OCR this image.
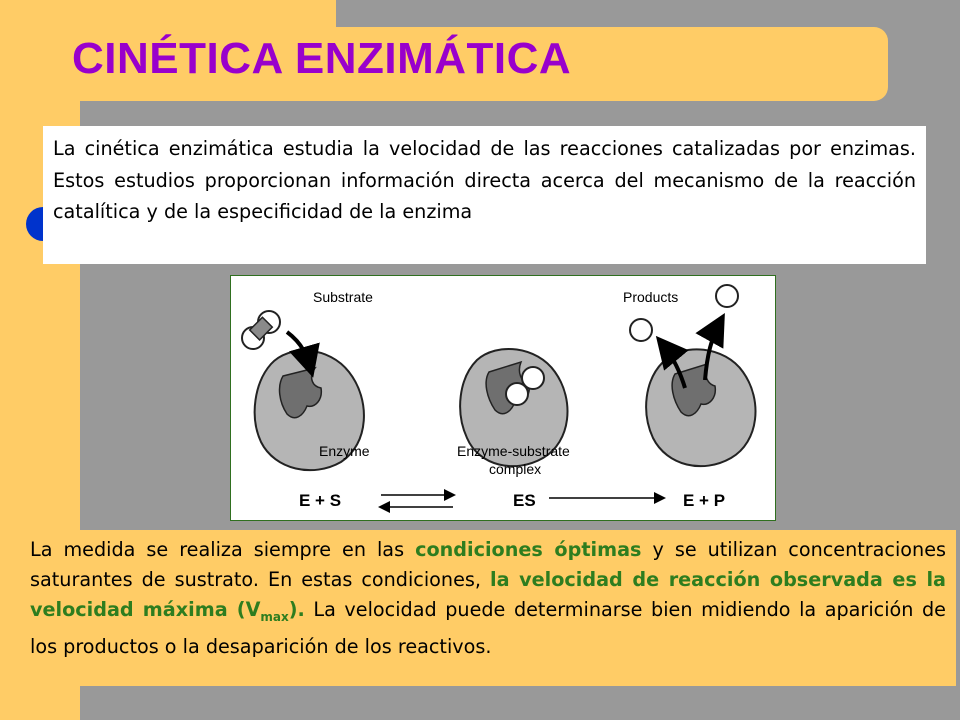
CINÉTICA ENZIMÁTICA

La cinética enzimática estudia la velocidad de las reacciones catalizadas por enzimas. Estos estudios proporcionan información directa acerca del mecanismo de la reacción catalítica y de la especificidad de la enzima

Substrate
Enzyme	Enzyme-substrate
complex
Products
E + S	ES	E + P

La medida se realiza siempre en las condiciones óptimas y se utilizan concentraciones saturantes de sustrato. En estas condiciones, la velocidad de reacción observada es la velocidad máxima $(V_{max})$. La velocidad puede determinarse bien midiendo la aparición de los productos o la desaparición de los reactivos.
